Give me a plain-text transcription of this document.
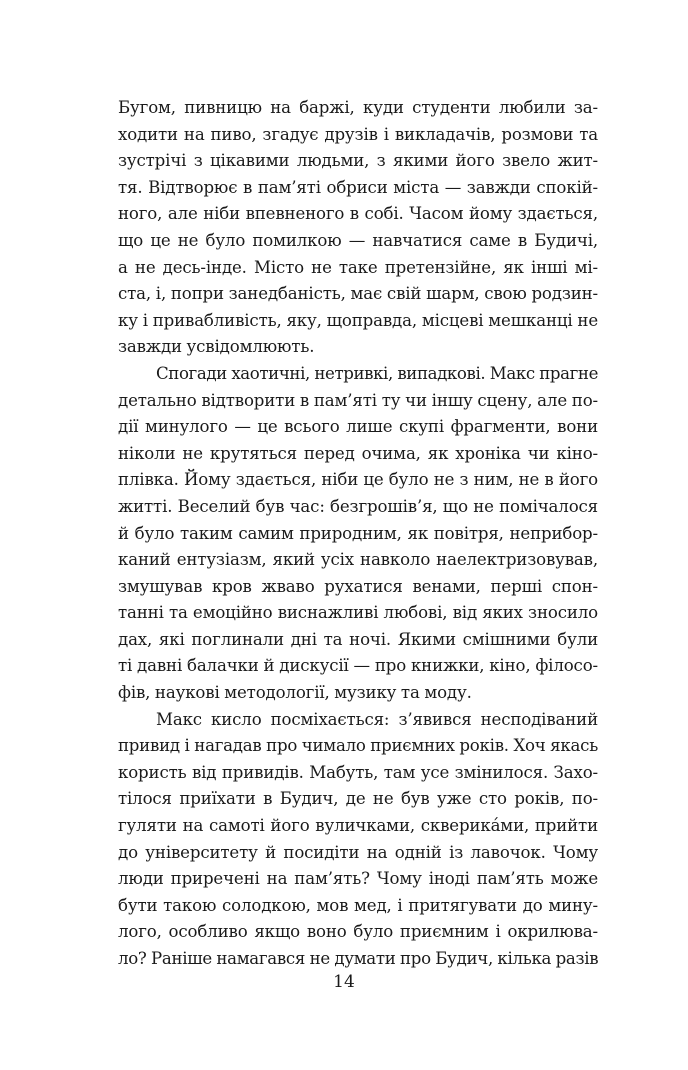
Бугом, пивницю на баржі, куди студенти любили за-
ходити на пиво, згадує друзів і викладачів, розмови та
зустрічі з цікавими людьми, з якими його звело жит-
тя. Відтворює в пам’яті обриси міста — завжди спокій-
ного, але ніби впевненого в собі. Часом йому здається,
що це не було помилкою — навчатися саме в Будичі,
а не десь-інде. Місто не таке претензійне, як інші мі-
ста, і, попри занедбаність, має свій шарм, свою родзин-
ку і привабливість, яку, щоправда, місцеві мешканці не
завжди усвідомлюють.
Спогади хаотичні, нетривкі, випадкові. Макс прагне
детально відтворити в пам’яті ту чи іншу сцену, але по-
дії минулого — це всього лише скупі фрагменти, вони
ніколи не крутяться перед очима, як хроніка чи кіно-
плівка. Йому здається, ніби це було не з ним, не в його
житті. Веселий був час: безгрошів’я, що не помічалося
й було таким самим природним, як повітря, неприбор-
каний ентузіазм, який усіх навколо наелектризовував,
змушував кров жваво рухатися венами, перші спон-
танні та емоційно виснажливі любові, від яких зносило
дах, які поглинали дні та ночі. Якими смішними були
ті давні балачки й дискусії — про книжки, кіно, філосо-
фів, наукові методології, музику та моду.
Макс кисло посміхається: з’явився несподіваний
привид і нагадав про чимало приємних років. Хоч якась
користь від привидів. Мабуть, там усе змінилося. Захо-
тілося приїхати в Будич, де не був уже сто років, по-
гуляти на самоті його вуличками, скверикáми, прийти
до університету й посидіти на одній із лавочок. Чому
люди приречені на пам’ять? Чому іноді пам’ять може
бути такою солодкою, мов мед, і притягувати до мину-
лого, особливо якщо воно було приємним і окрилюва-
ло? Раніше намагався не думати про Будич, кілька разів
14
